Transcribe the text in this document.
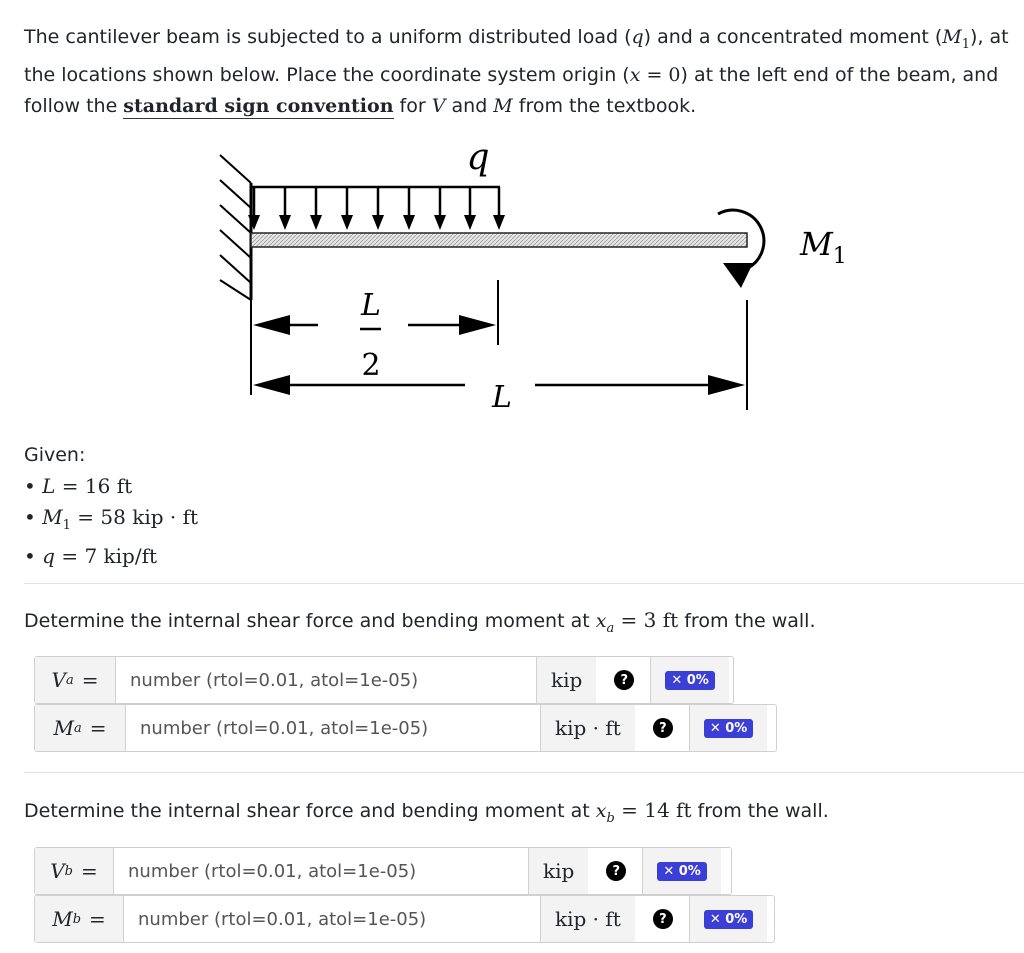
The cantilever beam is subjected to a uniform distributed load (q) and a concentrated moment $(M_1)$, at the locations shown below. Place the coordinate system origin (x = 0) at the left end of the beam, and follow the standard sign convention for V and M from the textbook.
q
$M_1$
L
2
L
Given:
• L = 16 ft
• $M_1 = 58$ kip · ft
• q = 7 kip/ft
Determine the internal shear force and bending moment at $x_a = 3$ ft from the wall.
V a =
number (rtol=0.01, atol=1e-05)	kip	?	✕ 0%
M a =
number (rtol=0.01, atol=1e-05)	kip · ft	?	✕ 0%
Determine the internal shear force and bending moment at $x_b = 14$ ft from the wall.
V b =
number (rtol=0.01, atol=1e-05)	kip	?	✕ 0%
M b =
number (rtol=0.01, atol=1e-05)	kip · ft	?	✕ 0%
